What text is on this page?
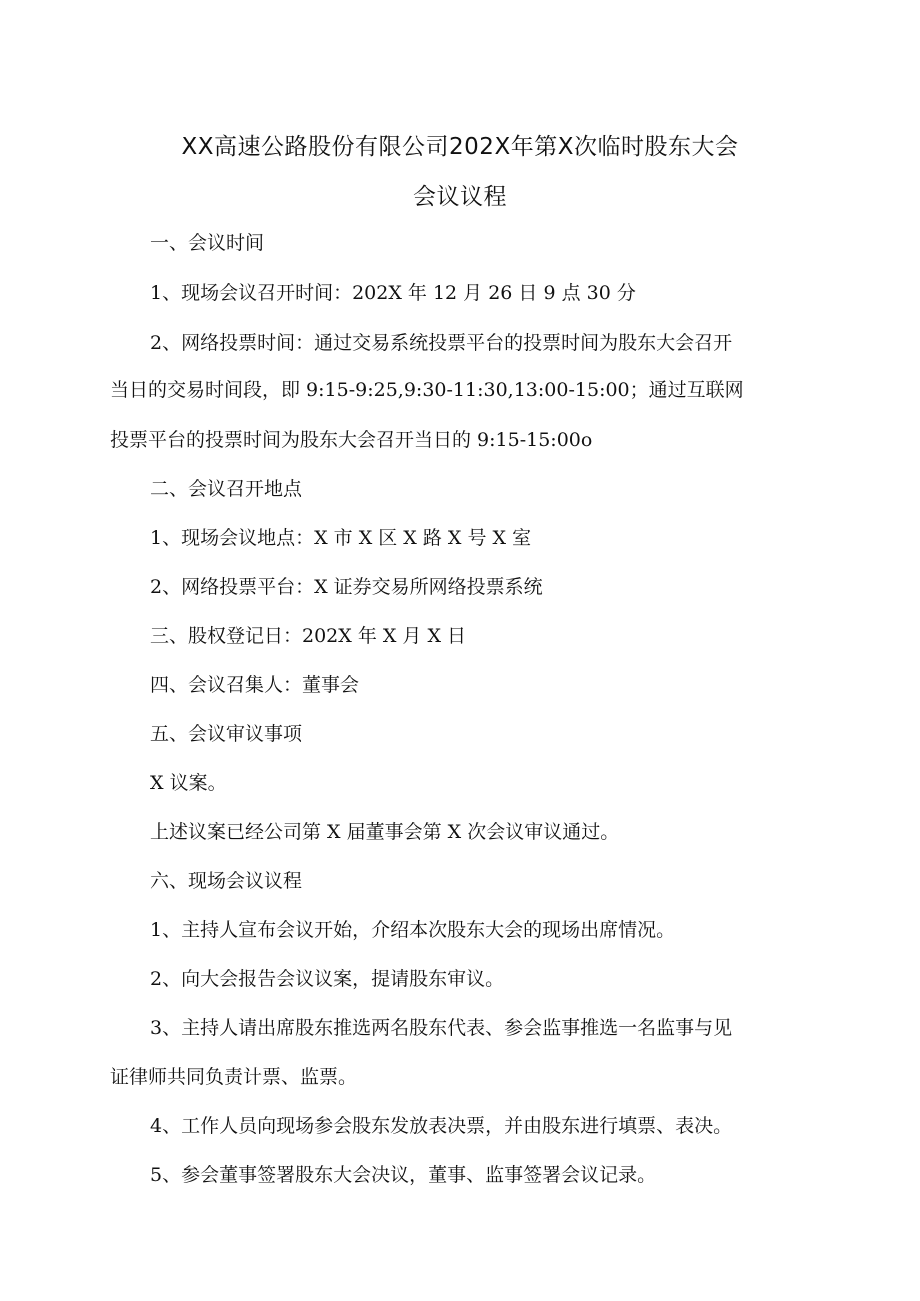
XX高速公路股份有限公司202X年第X次临时股东大会
会议议程
一、会议时间
1、现场会议召开时间：202X 年 12 月 26 日 9 点 30 分
2、网络投票时间：通过交易系统投票平台的投票时间为股东大会召开
当日的交易时间段，即 9:15-9:25,9:30-11:30,13:00-15:00；通过互联网
投票平台的投票时间为股东大会召开当日的 9:15-15:00o
二、会议召开地点
1、现场会议地点：X 市 X 区 X 路 X 号 X 室
2、网络投票平台：X 证券交易所网络投票系统
三、股权登记日：202X 年 X 月 X 日
四、会议召集人：董事会
五、会议审议事项
X 议案。
上述议案已经公司第 X 届董事会第 X 次会议审议通过。
六、现场会议议程
1、主持人宣布会议开始，介绍本次股东大会的现场出席情况。
2、向大会报告会议议案，提请股东审议。
3、主持人请出席股东推选两名股东代表、参会监事推选一名监事与见
证律师共同负责计票、监票。
4、工作人员向现场参会股东发放表决票，并由股东进行填票、表决。
5、参会董事签署股东大会决议，董事、监事签署会议记录。
